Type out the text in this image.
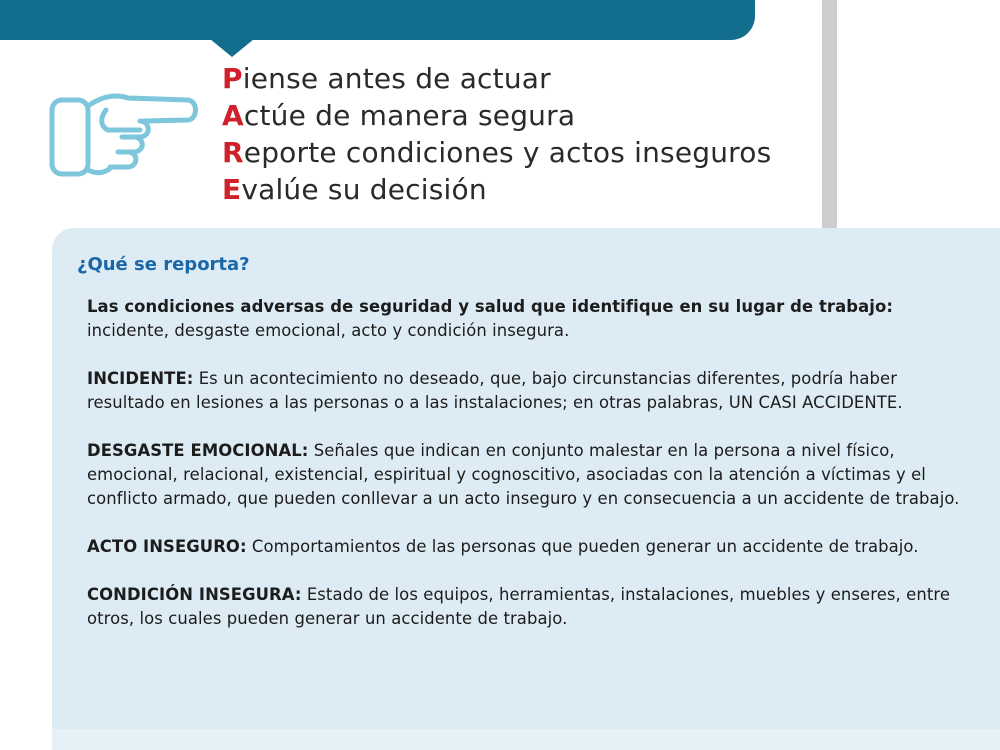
Piense antes de actuar
Actúe de manera segura
Reporte condiciones y actos inseguros
Evalúe su decisión
¿Qué se reporta?

Las condiciones adversas de seguridad y salud que identifique en su lugar de trabajo: incidente, desgaste emocional, acto y condición insegura.

INCIDENTE: Es un acontecimiento no deseado, que, bajo circunstancias diferentes, podría haber resultado en lesiones a las personas o a las instalaciones; en otras palabras, UN CASI ACCIDENTE.

DESGASTE EMOCIONAL: Señales que indican en conjunto malestar en la persona a nivel físico, emocional, relacional, existencial, espiritual y cognoscitivo, asociadas con la atención a víctimas y el conflicto armado, que pueden conllevar a un acto inseguro y en consecuencia a un accidente de trabajo.

ACTO INSEGURO: Comportamientos de las personas que pueden generar un accidente de trabajo.

CONDICIÓN INSEGURA: Estado de los equipos, herramientas, instalaciones, muebles y enseres, entre otros, los cuales pueden generar un accidente de trabajo.
